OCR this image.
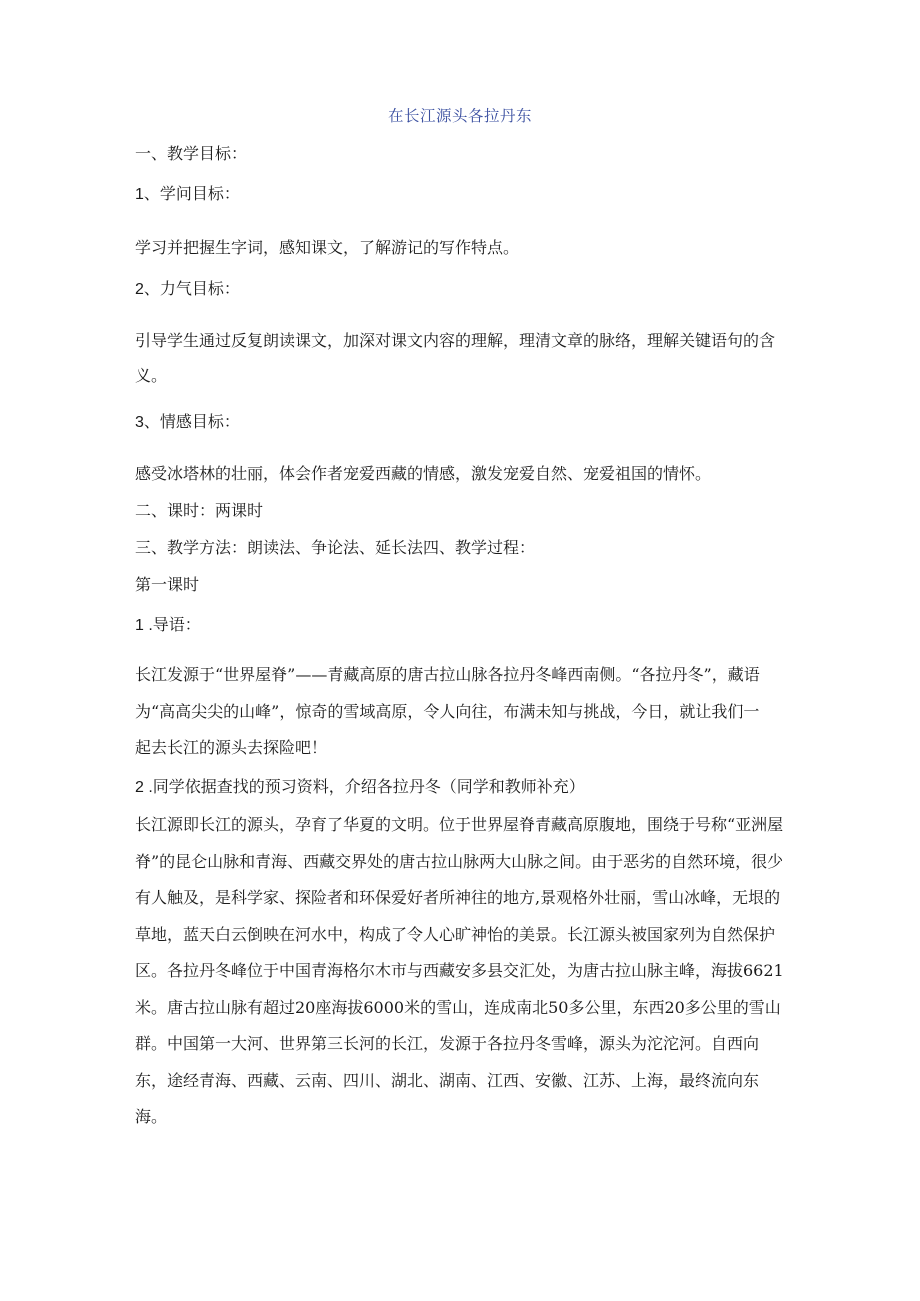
在长江源头各拉丹东
一、教学目标：
1、学问目标：
学习并把握生字词，感知课文，了解游记的写作特点。
2、力气目标：
引导学生通过反复朗读课文，加深对课文内容的理解，理清文章的脉络，理解关键语句的含义。
3、情感目标：
感受冰塔林的壮丽，体会作者宠爱西藏的情感，激发宠爱自然、宠爱祖国的情怀。
二、课时：两课时
三、教学方法：朗读法、争论法、延长法四、教学过程：
第一课时
1 .导语：
长江发源于“世界屋脊”——青藏高原的唐古拉山脉各拉丹冬峰西南侧。“各拉丹冬”，藏语为“高高尖尖的山峰”，惊奇的雪域高原，令人向往，布满未知与挑战，今日，就让我们一起去长江的源头去探险吧！
2 .同学依据查找的预习资料，介绍各拉丹冬（同学和教师补充）
长江源即长江的源头，孕育了华夏的文明。位于世界屋脊青藏高原腹地，围绕于号称“亚洲屋脊”的昆仑山脉和青海、西藏交界处的唐古拉山脉两大山脉之间。由于恶劣的自然环境，很少有人触及，是科学家、探险者和环保爱好者所神往的地方,景观格外壮丽，雪山冰峰，无垠的草地，蓝天白云倒映在河水中，构成了令人心旷神怡的美景。长江源头被国家列为自然保护区。各拉丹冬峰位于中国青海格尔木市与西藏安多县交汇处，为唐古拉山脉主峰，海拔6621米。唐古拉山脉有超过20座海拔6000米的雪山，连成南北50多公里，东西20多公里的雪山群。中国第一大河、世界第三长河的长江，发源于各拉丹冬雪峰，源头为沱沱河。自西向东，途经青海、西藏、云南、四川、湖北、湖南、江西、安徽、江苏、上海，最终流向东海。
